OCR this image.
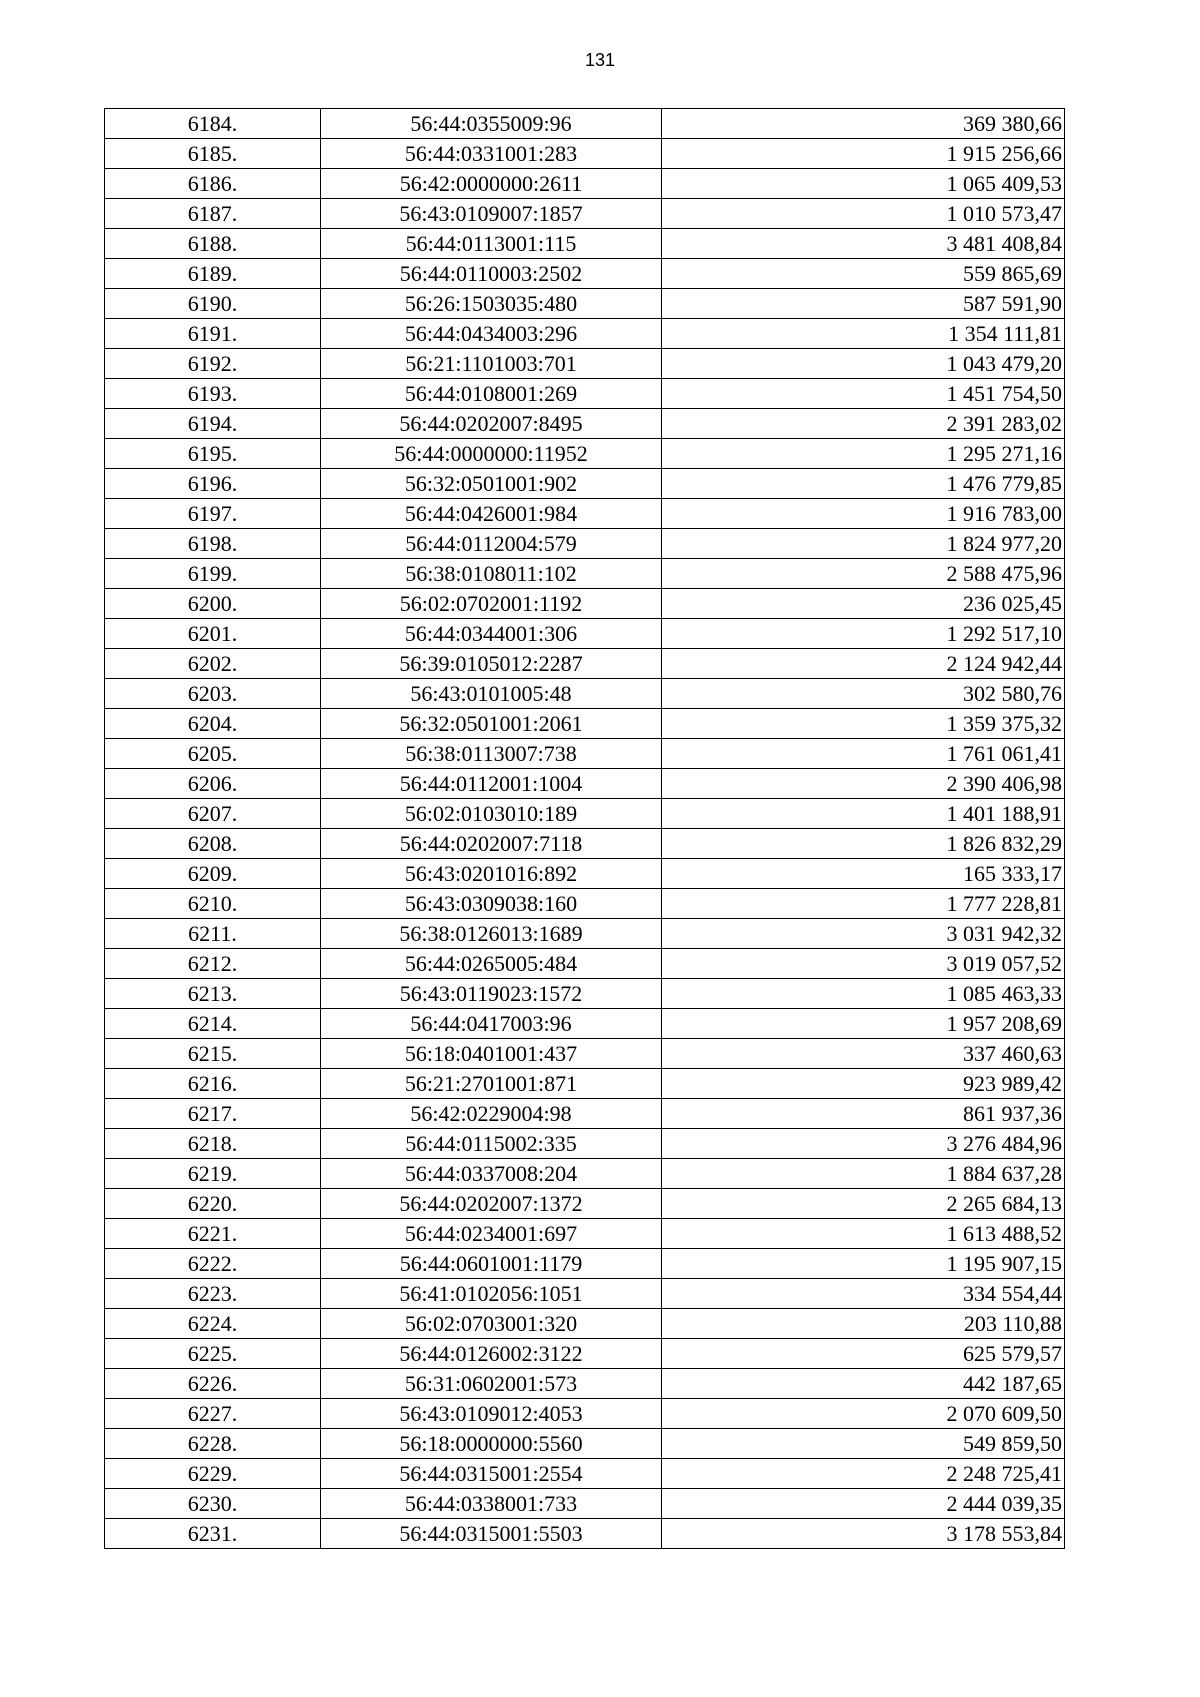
131
6184.	56:44:0355009:96	369 380,66
6185.	56:44:0331001:283	1 915 256,66
6186.	56:42:0000000:2611	1 065 409,53
6187.	56:43:0109007:1857	1 010 573,47
6188.	56:44:0113001:115	3 481 408,84
6189.	56:44:0110003:2502	559 865,69
6190.	56:26:1503035:480	587 591,90
6191.	56:44:0434003:296	1 354 111,81
6192.	56:21:1101003:701	1 043 479,20
6193.	56:44:0108001:269	1 451 754,50
6194.	56:44:0202007:8495	2 391 283,02
6195.	56:44:0000000:11952	1 295 271,16
6196.	56:32:0501001:902	1 476 779,85
6197.	56:44:0426001:984	1 916 783,00
6198.	56:44:0112004:579	1 824 977,20
6199.	56:38:0108011:102	2 588 475,96
6200.	56:02:0702001:1192	236 025,45
6201.	56:44:0344001:306	1 292 517,10
6202.	56:39:0105012:2287	2 124 942,44
6203.	56:43:0101005:48	302 580,76
6204.	56:32:0501001:2061	1 359 375,32
6205.	56:38:0113007:738	1 761 061,41
6206.	56:44:0112001:1004	2 390 406,98
6207.	56:02:0103010:189	1 401 188,91
6208.	56:44:0202007:7118	1 826 832,29
6209.	56:43:0201016:892	165 333,17
6210.	56:43:0309038:160	1 777 228,81
6211.	56:38:0126013:1689	3 031 942,32
6212.	56:44:0265005:484	3 019 057,52
6213.	56:43:0119023:1572	1 085 463,33
6214.	56:44:0417003:96	1 957 208,69
6215.	56:18:0401001:437	337 460,63
6216.	56:21:2701001:871	923 989,42
6217.	56:42:0229004:98	861 937,36
6218.	56:44:0115002:335	3 276 484,96
6219.	56:44:0337008:204	1 884 637,28
6220.	56:44:0202007:1372	2 265 684,13
6221.	56:44:0234001:697	1 613 488,52
6222.	56:44:0601001:1179	1 195 907,15
6223.	56:41:0102056:1051	334 554,44
6224.	56:02:0703001:320	203 110,88
6225.	56:44:0126002:3122	625 579,57
6226.	56:31:0602001:573	442 187,65
6227.	56:43:0109012:4053	2 070 609,50
6228.	56:18:0000000:5560	549 859,50
6229.	56:44:0315001:2554	2 248 725,41
6230.	56:44:0338001:733	2 444 039,35
6231.	56:44:0315001:5503	3 178 553,84
